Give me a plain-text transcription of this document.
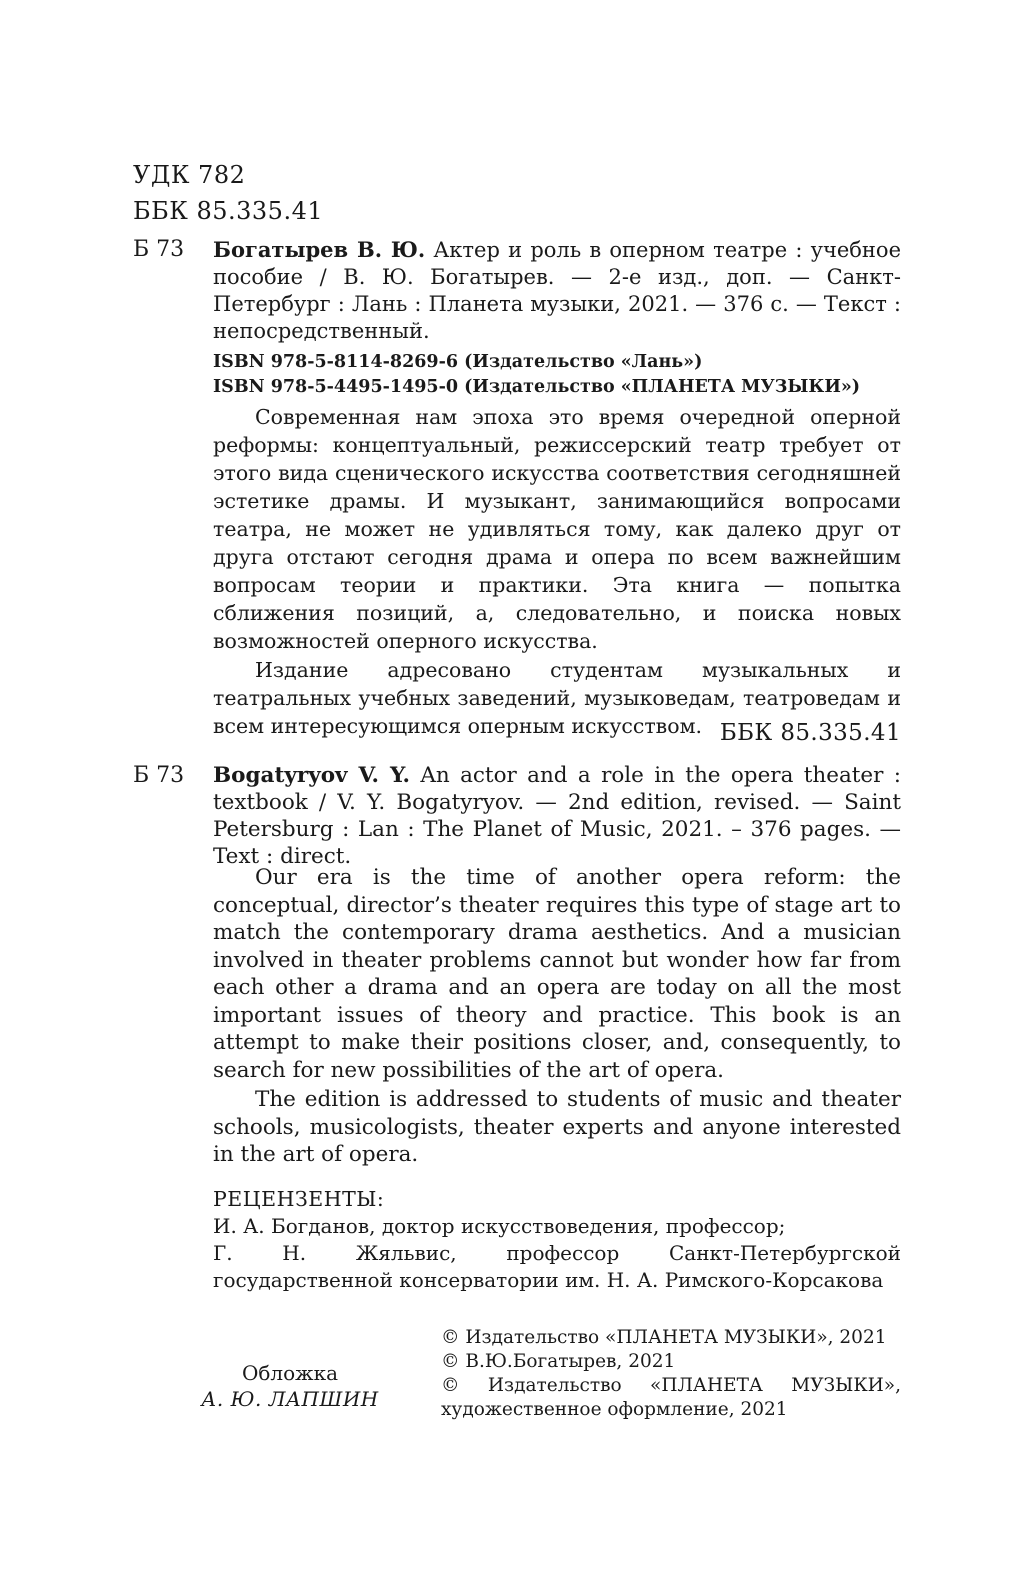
УДК 782
ББК 85.335.41
Б 73 Богатырев В. Ю. Актер и роль в оперном театре : учебное пособие / В. Ю. Богатырев. — 2-е изд., доп. — Санкт-Петербург : Лань : Планета музыки, 2021. — 376 с. — Текст : непосредственный.
ISBN 978-5-8114-8269-6 (Издательство «Лань»)
ISBN 978-5-4495-1495-0 (Издательство «ПЛАНЕТА МУЗЫКИ»)

Современная нам эпоха это время очередной оперной реформы: концептуальный, режиссерский театр требует от этого вида сценического искусства соответствия сегодняшней эстетике драмы. И музыкант, занимающийся вопросами театра, не может не удивляться тому, как далеко друг от друга отстают сегодня драма и опера по всем важнейшим вопросам теории и практики. Эта книга — попытка сближения позиций, а, следовательно, и поиска новых возможностей оперного искусства.

Издание адресовано студентам музыкальных и театральных учебных заведений, музыковедам, театроведам и всем интересующимся оперным искусством. ББК 85.335.41
Б 73 Bogatyryov V. Y. An actor and a role in the opera theater : textbook / V. Y. Bogatyryov. — 2nd edition, revised. — Saint Petersburg : Lan : The Planet of Music, 2021. – 376 pages. — Text : direct.

Our era is the time of another opera reform: the conceptual, director’s theater requires this type of stage art to match the contemporary drama aesthetics. And a musician involved in theater problems cannot but wonder how far from each other a drama and an opera are today on all the most important issues of theory and practice. This book is an attempt to make their positions closer, and, consequently, to search for new possibilities of the art of opera.

The edition is addressed to students of music and theater schools, musicologists, theater experts and anyone interested in the art of opera.

РЕЦЕНЗЕНТЫ:
И. А. Богданов, доктор искусствоведения, профессор;
Г. Н. Жяльвис, профессор Санкт-Петербургской государственной консерватории им. Н. А. Римского-Корсакова
Обложка
А. Ю. ЛАПШИН
© Издательство «ПЛАНЕТА МУЗЫКИ», 2021
© В.Ю.Богатырев, 2021
© Издательство «ПЛАНЕТА МУЗЫКИ», художественное оформление, 2021
